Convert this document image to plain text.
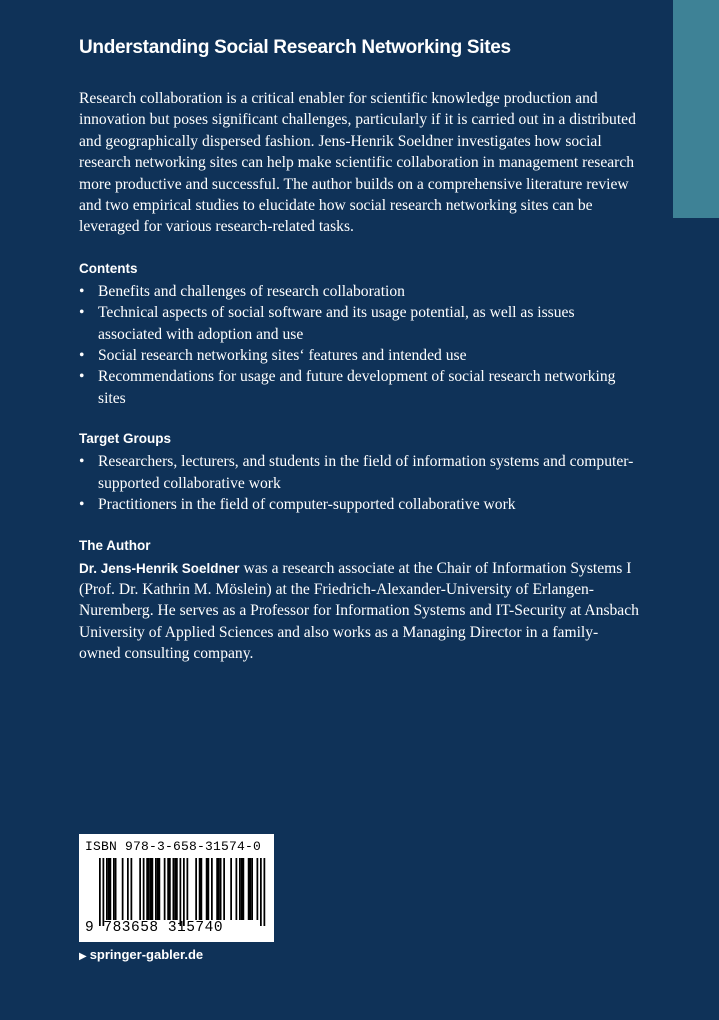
Understanding Social Research Networking Sites

Research collaboration is a critical enabler for scientific knowledge production and innovation but poses significant challenges, particularly if it is carried out in a distributed and geographically dispersed fashion. Jens-Henrik Soeldner investigates how social research networking sites can help make scientific collaboration in management research more productive and successful. The author builds on a comprehensive literature review and two empirical studies to elucidate how social research networking sites can be leveraged for various research-related tasks.

Contents
• Benefits and challenges of research collaboration
• Technical aspects of social software and its usage potential, as well as issues associated with adoption and use
• Social research networking sites‘ features and intended use
• Recommendations for usage and future development of social research networking sites
Target Groups
• Researchers, lecturers, and students in the field of information systems and computer-supported collaborative work
• Practitioners in the field of computer-supported collaborative work
The Author

Dr. Jens-Henrik Soeldner was a research associate at the Chair of Information Systems I (Prof. Dr. Kathrin M. Möslein) at the Friedrich-Alexander-University of Erlangen-Nuremberg. He serves as a Professor for Information Systems and IT-Security at Ansbach University of Applied Sciences and also works as a Managing Director in a family-owned consulting company.

ISBN 978-3-658-31574-0
9 783658 315740
▶ springer-gabler.de
